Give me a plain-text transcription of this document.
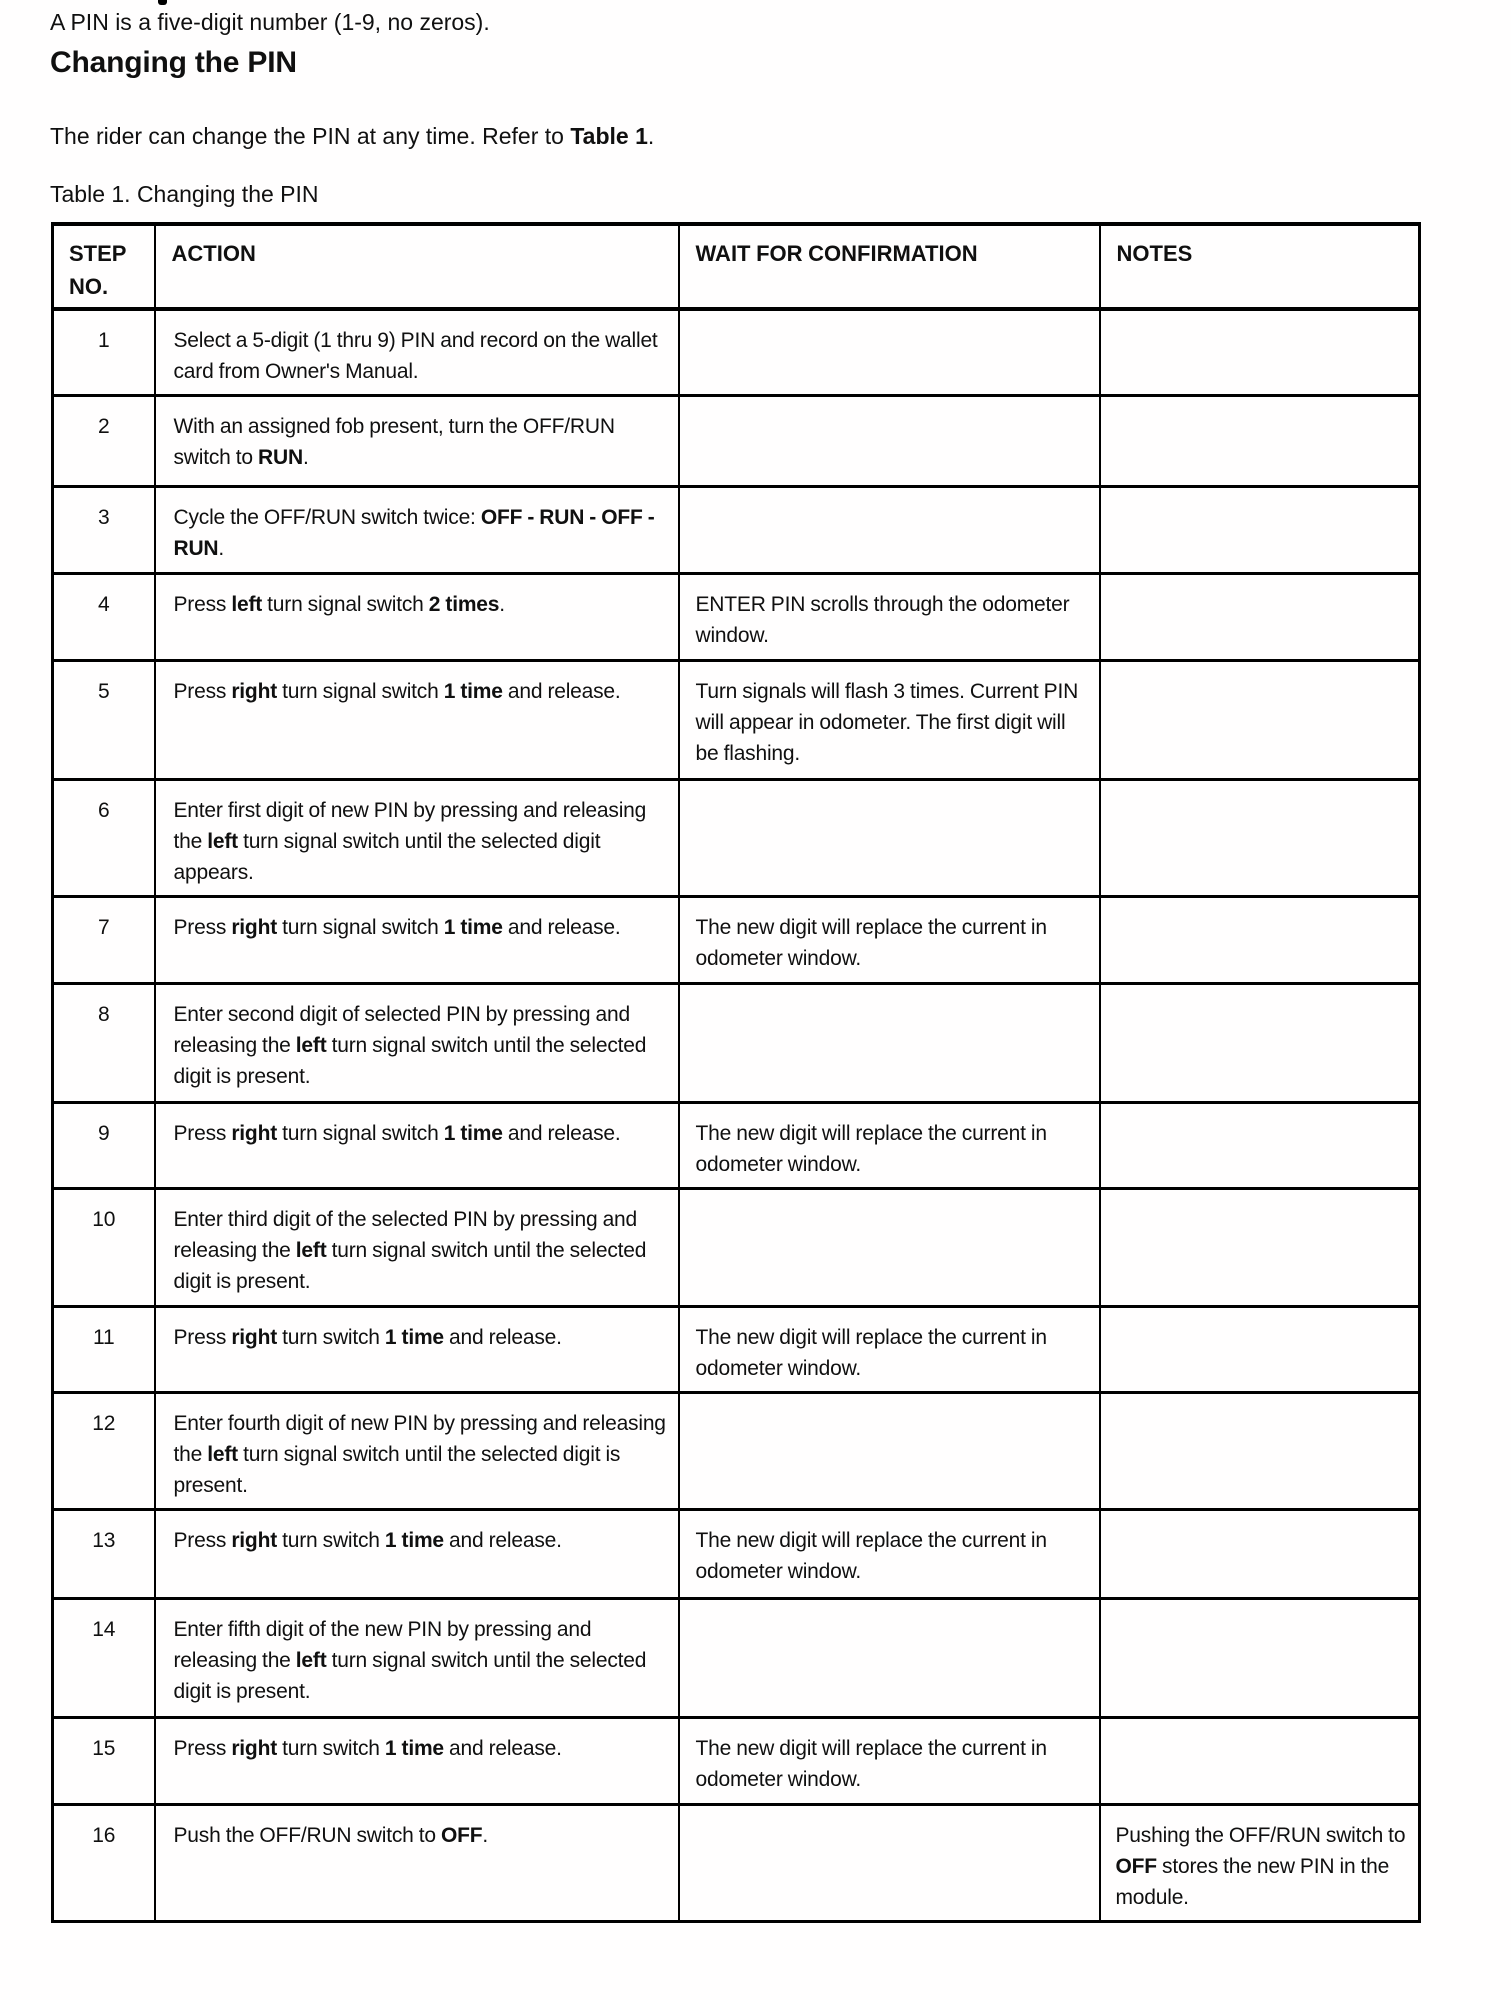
A PIN is a five-digit number (1-9, no zeros).

Changing the PIN

The rider can change the PIN at any time. Refer to Table 1.

Table 1. Changing the PIN

STEP NO.	ACTION	WAIT FOR CONFIRMATION	NOTES
1	Select a 5-digit (1 thru 9) PIN and record on the wallet card from Owner's Manual.		
2	With an assigned fob present, turn the OFF/RUN switch to RUN.		
3	Cycle the OFF/RUN switch twice: OFF - RUN - OFF - RUN.		
4	Press left turn signal switch 2 times.	ENTER PIN scrolls through the odometer window.	
5	Press right turn signal switch 1 time and release.	Turn signals will flash 3 times. Current PIN will appear in odometer. The first digit will be flashing.	
6	Enter first digit of new PIN by pressing and releasing the left turn signal switch until the selected digit appears.		
7	Press right turn signal switch 1 time and release.	The new digit will replace the current in odometer window.	
8	Enter second digit of selected PIN by pressing and releasing the left turn signal switch until the selected digit is present.		
9	Press right turn signal switch 1 time and release.	The new digit will replace the current in odometer window.	
10	Enter third digit of the selected PIN by pressing and releasing the left turn signal switch until the selected digit is present.		
11	Press right turn switch 1 time and release.	The new digit will replace the current in odometer window.	
12	Enter fourth digit of new PIN by pressing and releasing the left turn signal switch until the selected digit is present.		
13	Press right turn switch 1 time and release.	The new digit will replace the current in odometer window.	
14	Enter fifth digit of the new PIN by pressing and releasing the left turn signal switch until the selected digit is present.		
15	Press right turn switch 1 time and release.	The new digit will replace the current in odometer window.	
16	Push the OFF/RUN switch to OFF.		Pushing the OFF/RUN switch to OFF stores the new PIN in the module.
